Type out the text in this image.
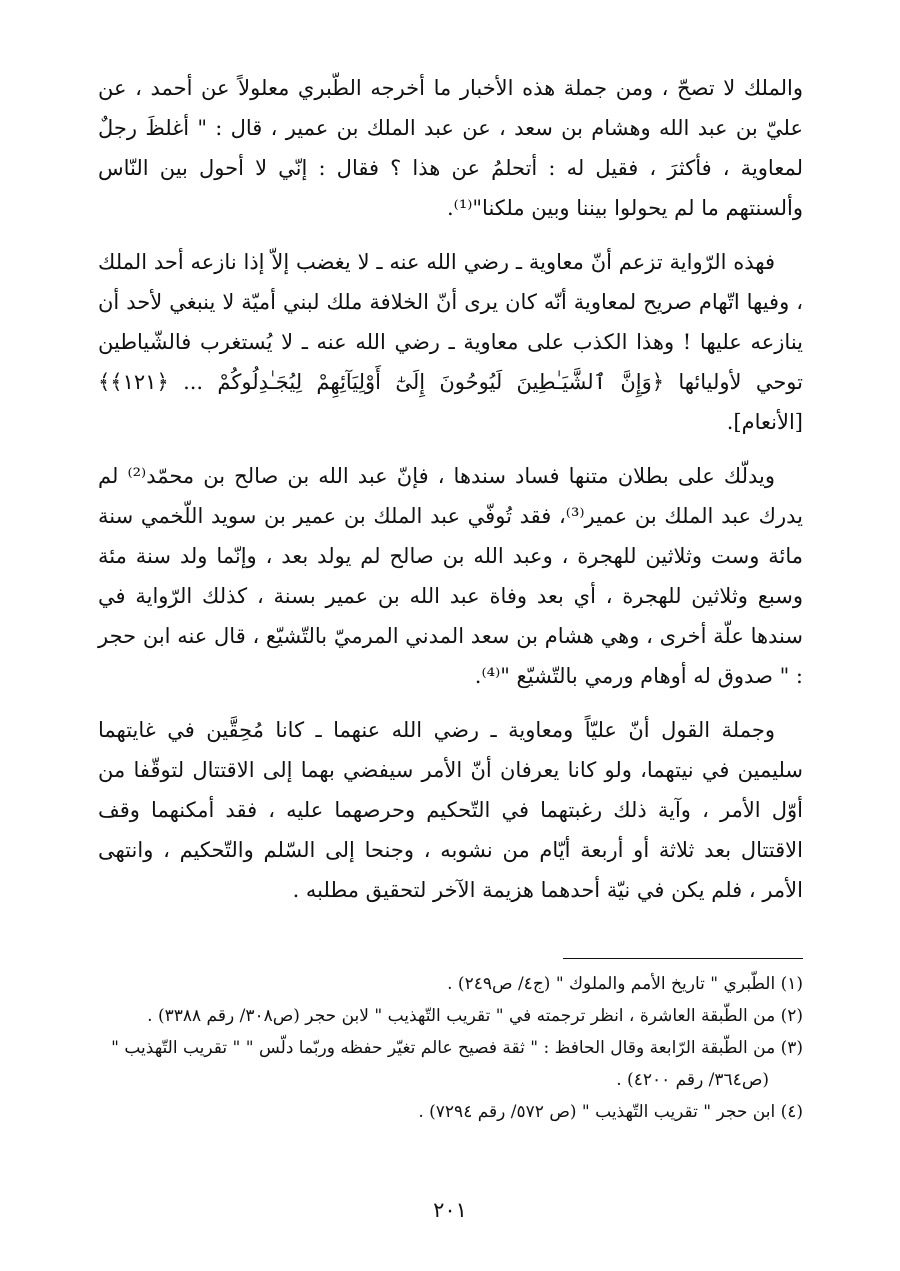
والملك لا تصحّ ، ومن جملة هذه الأخبار ما أخرجه الطّبري معلولاً عن أحمد ، عن عليّ بن عبد الله وهشام بن سعد ، عن عبد الملك بن عمير ، قال : " أغلظَ رجلٌ لمعاوية ، فأكثرَ ، فقيل له : أتحلمُ عن هذا ؟ فقال : إنّي لا أحول بين النّاس وألسنتهم ما لم يحولوا بيننا وبين ملكنا"⁽¹⁾.

فهذه الرّواية تزعم أنّ معاوية ـ رضي الله عنه ـ لا يغضب إلاّ إذا نازعه أحد الملك ، وفيها اتّهام صريح لمعاوية أنّه كان يرى أنّ الخلافة ملك لبني أميّة لا ينبغي لأحد أن ينازعه عليها ! وهذا الكذب على معاوية ـ رضي الله عنه ـ لا يُستغرب فالشّياطين توحي لأوليائها ﴿وَإِنَّ ٱلشَّيَـٰطِينَ لَيُوحُونَ إِلَىٰٓ أَوْلِيَآئِهِمْ لِيُجَـٰدِلُوكُمْ ... ﴿١٢١﴾﴾ [الأنعام].

ويدلّك على بطلان متنها فساد سندها ، فإنّ عبد الله بن صالح بن محمّد⁽²⁾ لم يدرك عبد الملك بن عمير⁽³⁾، فقد تُوفّي عبد الملك بن عمير بن سويد اللّخمي سنة مائة وست وثلاثين للهجرة ، وعبد الله بن صالح لم يولد بعد ، وإنّما ولد سنة مئة وسبع وثلاثين للهجرة ، أي بعد وفاة عبد الله بن عمير بسنة ، كذلك الرّواية في سندها علّة أخرى ، وهي هشام بن سعد المدني المرميّ بالتّشيّع ، قال عنه ابن حجر : " صدوق له أوهام ورمي بالتّشيّع "⁽⁴⁾.

وجملة القول أنّ عليّاً ومعاوية ـ رضي الله عنهما ـ كانا مُحِقَّين في غايتهما سليمين في نيتهما، ولو كانا يعرفان أنّ الأمر سيفضي بهما إلى الاقتتال لتوقّفا من أوّل الأمر ، وآية ذلك رغبتهما في التّحكيم وحرصهما عليه ، فقد أمكنهما وقف الاقتتال بعد ثلاثة أو أربعة أيّام من نشوبه ، وجنحا إلى السّلم والتّحكيم ، وانتهى الأمر ، فلم يكن في نيّة أحدهما هزيمة الآخر لتحقيق مطلبه .

(١) الطّبري " تاريخ الأمم والملوك " (ج٤/ ص٢٤٩) .

(٢) من الطّبقة العاشرة ، انظر ترجمته في " تقريب التّهذيب " لابن حجر (ص٣٠٨/ رقم ٣٣٨٨) .

(٣) من الطّبقة الرّابعة وقال الحافظ : " ثقة فصيح عالم تغيّر حفظه وربّما دلّس " " تقريب التّهذيب "

(ص٣٦٤/ رقم ٤٢٠٠) .

(٤) ابن حجر " تقريب التّهذيب " (ص ٥٧٢/ رقم ٧٢٩٤) .

٢٠١
